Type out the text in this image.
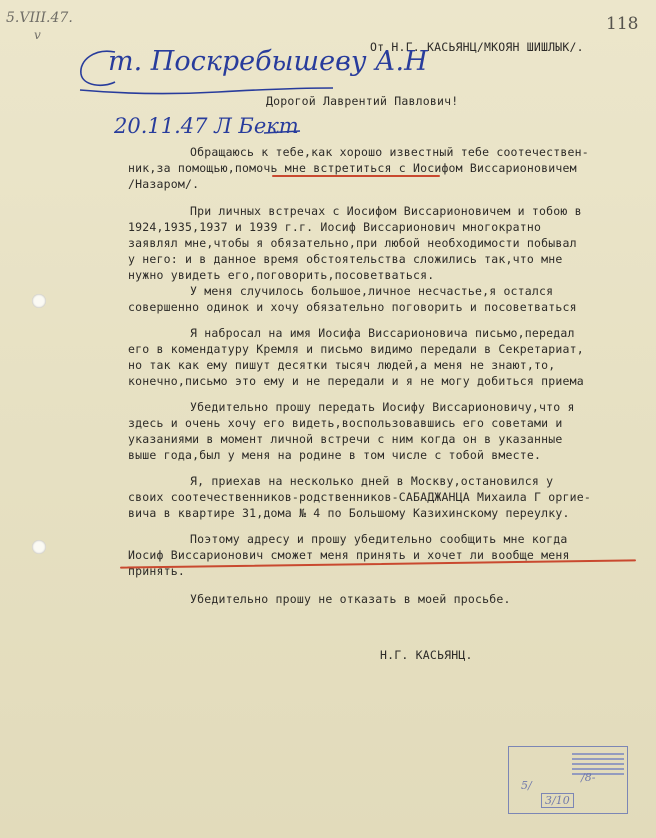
5.VIII.47.
v
118
От Н.Г. КАСЬЯНЦ/МКОЯН ШИШЛЫК/.
т. Поскребышеву А.Н
Дорогой Лаврентий Павлович!
20.11.47 Л Бект
Обращаюсь к тебе,как хорошо известный тебе соотечествен-
ник,за помощью,помочь мне встретиться с Иосифом Виссарионовичем
/Назаром/.
При личных встречах с Иосифом Виссарионовичем и тобою в
1924,1935,1937 и 1939 г.г. Иосиф Виссарионович многократно
заявлял мне,чтобы я обязательно,при любой необходимости побывал
у него: и в данное время обстоятельства сложились так,что мне
нужно увидеть его,поговорить,посоветваться.
У меня случилось большое,личное несчастье,я остался
совершенно одинок и хочу обязательно поговорить и посоветваться
Я набросал на имя Иосифа Виссарионовича письмо,передал
его в комендатуру Кремля и письмо видимо передали в Секретариат,
но так как ему пишут десятки тысяч людей,а меня не знают,то,
конечно,письмо это ему и не передали и я не могу добиться приема
Убедительно прошу передать Иосифу Виссарионовичу,что я
здесь и очень хочу его видеть,воспользовавшись его советами и
указаниями в момент личной встречи с ним когда он в указанные
выше года,был у меня на родине в том числе с тобой вместе.
Я, приехав на несколько дней в Москву,остановился у
своих соотечественников-родственников-САБАДЖАНЦА Михаила Г оргие-
вича в квартире 31,дома № 4 по Большому Казихинскому переулку.
Поэтому адресу и прошу убедительно сообщить мне когда
Иосиф Виссарионович сможет меня принять и хочет ли вообще меня
принять.
Убедительно прошу не отказать в моей просьбе.
Н.Г. КАСЬЯНЦ.
/8-
5/
3/10
